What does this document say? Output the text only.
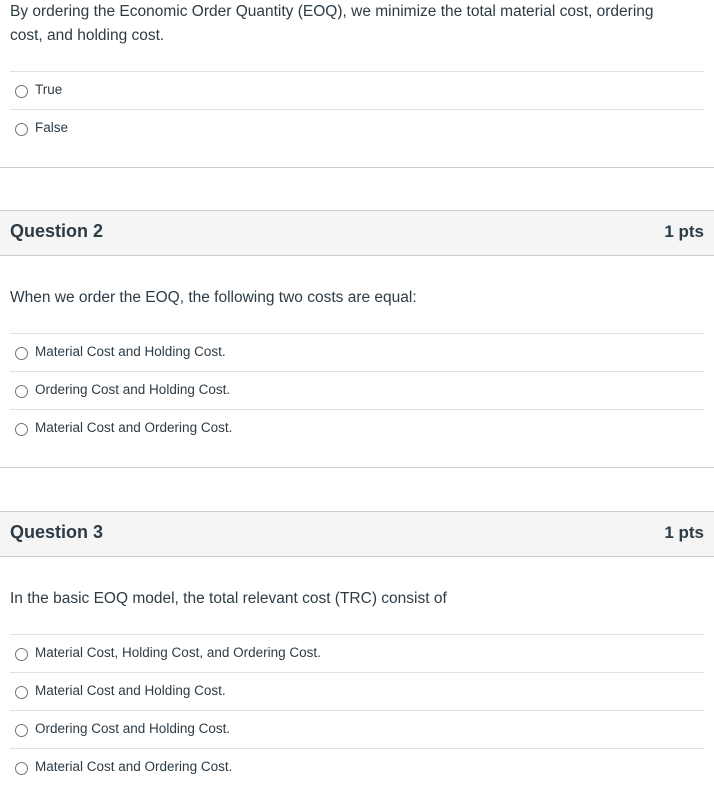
By ordering the Economic Order Quantity (EOQ), we minimize the total material cost, ordering cost, and holding cost.
True
False
Question 2	1 pts
When we order the EOQ, the following two costs are equal:
Material Cost and Holding Cost.
Ordering Cost and Holding Cost.
Material Cost and Ordering Cost.
Question 3	1 pts
In the basic EOQ model, the total relevant cost (TRC) consist of
Material Cost, Holding Cost, and Ordering Cost.
Material Cost and Holding Cost.
Ordering Cost and Holding Cost.
Material Cost and Ordering Cost.
